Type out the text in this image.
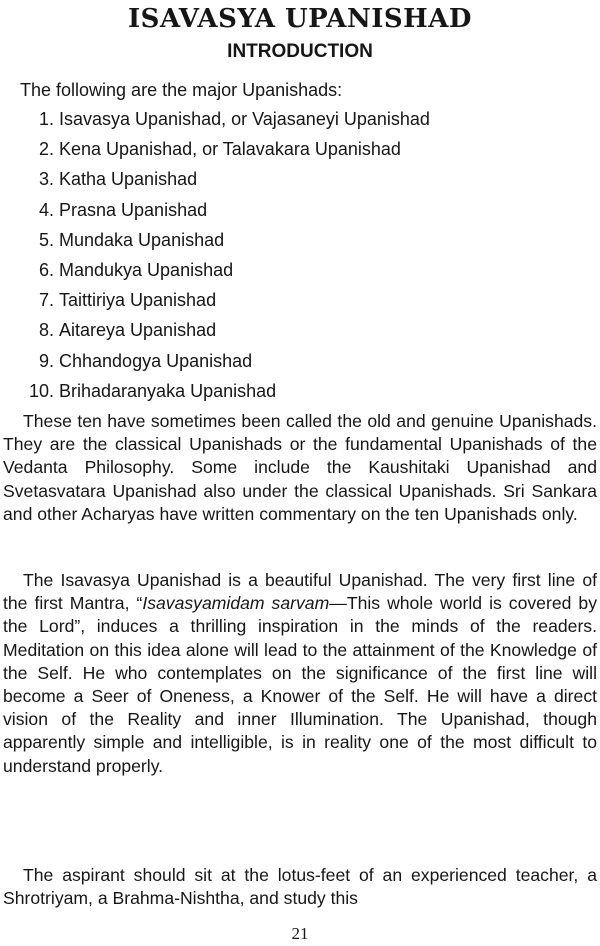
ISAVASYA UPANISHAD
INTRODUCTION

The following are the major Upanishads:

1. Isavasya Upanishad, or Vajasaneyi Upanishad
2. Kena Upanishad, or Talavakara Upanishad
3. Katha Upanishad
4. Prasna Upanishad
5. Mundaka Upanishad
6. Mandukya Upanishad
7. Taittiriya Upanishad
8. Aitareya Upanishad
9. Chhandogya Upanishad
10. Brihadaranyaka Upanishad

These ten have sometimes been called the old and genuine Upanishads. They are the classical Upanishads or the fundamental Upanishads of the Vedanta Philosophy. Some include the Kaushitaki Upanishad and Svetasvatara Upanishad also under the classical Upanishads. Sri Sankara and other Acharyas have written commentary on the ten Upanishads only.

The Isavasya Upanishad is a beautiful Upanishad. The very first line of the first Mantra, “Isavasyamidam sarvam—This whole world is covered by the Lord”, induces a thrilling inspiration in the minds of the readers. Meditation on this idea alone will lead to the attainment of the Knowledge of the Self. He who contemplates on the significance of the first line will become a Seer of Oneness, a Knower of the Self. He will have a direct vision of the Reality and inner Illumination. The Upanishad, though apparently simple and intelligible, is in reality one of the most difficult to understand properly.

The aspirant should sit at the lotus-feet of an experienced teacher, a Shrotriyam, a Brahma-Nishtha, and study this

21
